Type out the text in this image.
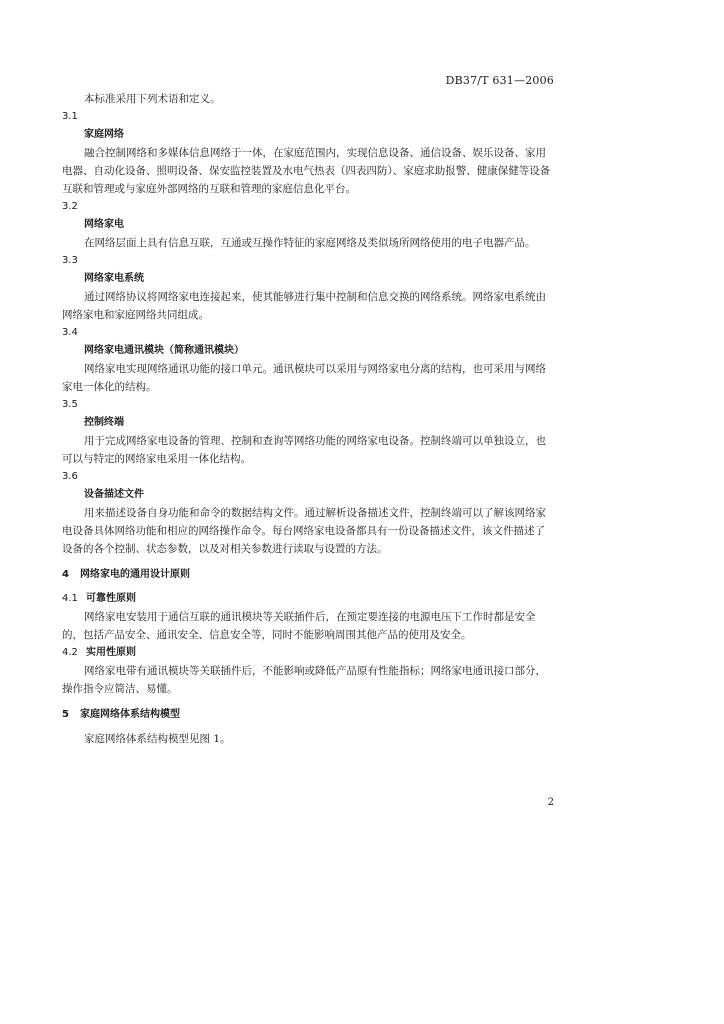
DB37/T 631—2006

本标准采用下列术语和定义。

3.1

家庭网络

融合控制网络和多媒体信息网络于一体，在家庭范围内，实现信息设备、通信设备、娱乐设备、家用电器、自动化设备、照明设备、保安监控装置及水电气热表（四表四防）、家庭求助报警、健康保健等设备互联和管理或与家庭外部网络的互联和管理的家庭信息化平台。

3.2

网络家电

在网络层面上具有信息互联，互通或互操作特征的家庭网络及类似场所网络使用的电子电器产品。

3.3

网络家电系统

通过网络协议将网络家电连接起来，使其能够进行集中控制和信息交换的网络系统。网络家电系统由网络家电和家庭网络共同组成。

3.4

网络家电通讯模块（简称通讯模块）

网络家电实现网络通讯功能的接口单元。通讯模块可以采用与网络家电分离的结构，也可采用与网络家电一体化的结构。

3.5

控制终端

用于完成网络家电设备的管理、控制和查询等网络功能的网络家电设备。控制终端可以单独设立，也可以与特定的网络家电采用一体化结构。

3.6

设备描述文件

用来描述设备自身功能和命令的数据结构文件。通过解析设备描述文件，控制终端可以了解该网络家电设备具体网络功能和相应的网络操作命令。每台网络家电设备都具有一份设备描述文件，该文件描述了设备的各个控制、状态参数，以及对相关参数进行读取与设置的方法。

4 网络家电的通用设计原则

4.1 可靠性原则

网络家电安装用于通信互联的通讯模块等关联插件后，在预定要连接的电源电压下工作时都是安全的，包括产品安全、通讯安全、信息安全等，同时不能影响周围其他产品的使用及安全。

4.2 实用性原则

网络家电带有通讯模块等关联插件后，不能影响或降低产品原有性能指标；网络家电通讯接口部分，操作指令应简洁、易懂。

5 家庭网络体系结构模型

家庭网络体系结构模型见图 1。

2
